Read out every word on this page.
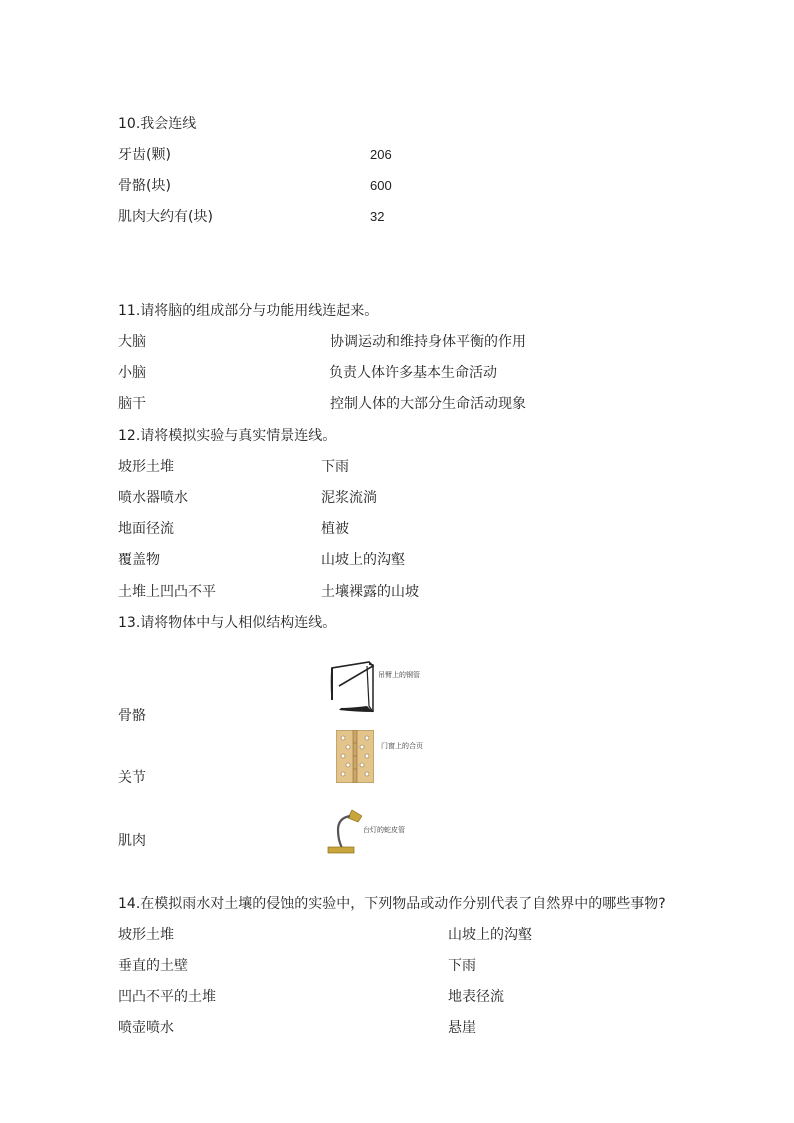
10.我会连线
牙齿(颗)
骨骼(块)
肌肉大约有(块)
206
600
32
11.请将脑的组成部分与功能用线连起来。
大脑
小脑
脑干
协调运动和维持身体平衡的作用
负责人体许多基本生命活动
控制人体的大部分生命活动现象
12.请将模拟实验与真实情景连线。
坡形土堆
喷水器喷水
地面径流
覆盖物
土堆上凹凸不平
下雨
泥浆流淌
植被
山坡上的沟壑
土壤裸露的山坡
13.请将物体中与人相似结构连线。
骨骼
关节
肌肉
吊臂上的钢管
门窗上的合页
台灯的蛇皮管
14.在模拟雨水对土壤的侵蚀的实验中，下列物品或动作分别代表了自然界中的哪些事物?
坡形土堆
垂直的土壁
凹凸不平的土堆
喷壶喷水
山坡上的沟壑
下雨
地表径流
悬崖
